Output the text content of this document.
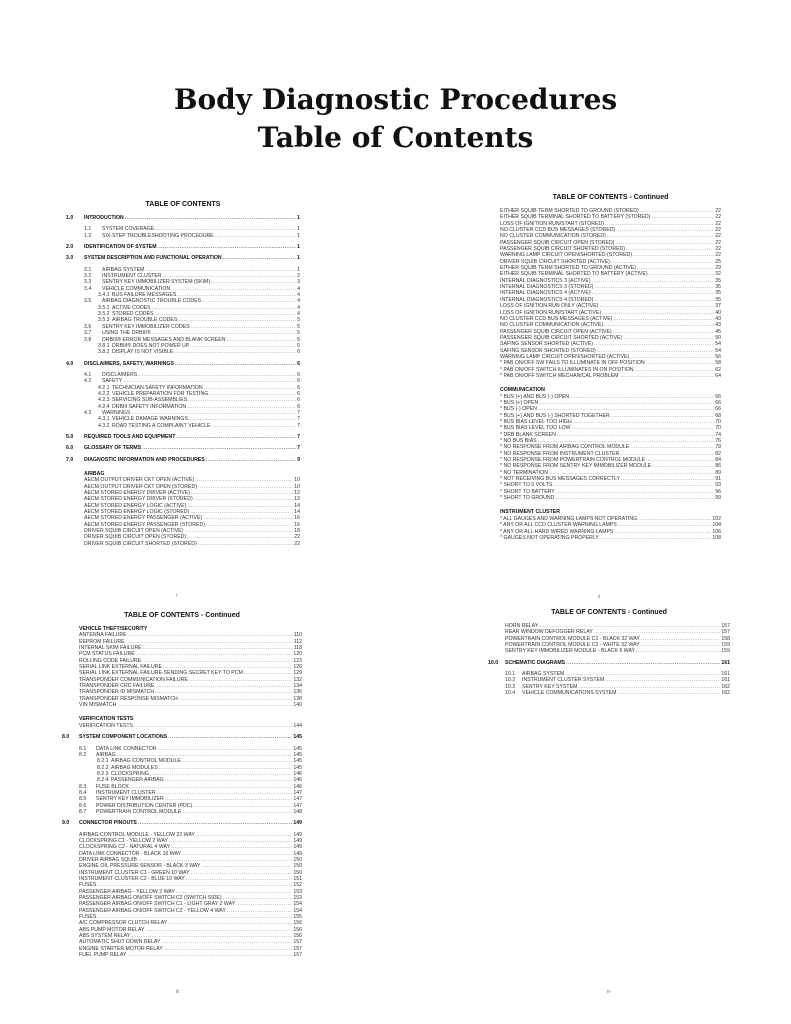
Body Diagnostic Procedures
Table of Contents
TABLE OF CONTENTS
1.0	INTRODUCTION .....	1
1.1	SYSTEM COVERAGE .....	1
1.2	SIX-STEP TROUBLESHOOTING PROCEDURE .....	1
2.0	IDENTIFICATION OF SYSTEM .....	1
3.0	SYSTEM DESCRIPTION AND FUNCTIONAL OPERATION .....	1
3.1	AIRBAG SYSTEM .....	1
3.2	INSTRUMENT CLUSTER .....	2
3.3	SENTRY KEY IMMOBILIZER SYSTEM (SKIM) .....	3
3.4	VEHICLE COMMUNICATION .....	4
3.4.1 BUS FAILURE MESSAGES .....	4
3.5	AIRBAG DIAGNOSTIC TROUBLE CODES .....	4
3.5.1 ACTIVE CODES .....	4
3.5.2 STORED CODES .....	4
3.5.3 AIRBAG TROUBLE CODES .....	5
3.6	SENTRY KEY IMMOBILIZER CODES .....	5
3.7	USING THE DRBIII® .....	5
3.8	DRBIII® ERROR MESSAGES AND BLANK SCREEN .....	5
3.8.1 DRBIII® DOES NOT POWER UP .....	5
3.8.2 DISPLAY IS NOT VISIBLE .....	6
4.0	DISCLAIMERS, SAFETY, WARNINGS .....	6
4.1	DISCLAIMERS .....	6
4.2	SAFETY .....	6
4.2.1 TECHNICIAN SAFETY INFORMATION .....	6
4.2.2 VEHICLE PREPARATION FOR TESTING .....	6
4.2.3 SERVICING SUB-ASSEMBLIES .....	6
4.2.4 DRBIII SAFETY INFORMATION .....	6
4.3	WARNINGS .....	7
4.3.1 VEHICLE DAMAGE WARNINGS .....	7
4.3.2 ROAD TESTING A COMPLAINT VEHICLE .....	7
5.0	REQUIRED TOOLS AND EQUIPMENT .....	7
6.0	GLOSSARY OF TERMS .....	7
7.0	DIAGNOSTIC INFORMATION AND PROCEDURES .....	9
AIRBAG
AECM OUTPUT DRIVER CKT OPEN (ACTIVE) .....	10
AECM OUTPUT DRIVER CKT OPEN (STORED) .....	10
AECM STORED ENERGY DRIVER (ACTIVE) .....	12
AECM STORED ENERGY DRIVER (STORED) .....	12
AECM STORED ENERGY LOGIC (ACTIVE) .....	14
AECM STORED ENERGY LOGIC (STORED) .....	14
AECM STORED ENERGY PASSENGER (ACTIVE) .....	16
AECM STORED ENERGY PASSENGER (STORED) .....	16
DRIVER SQUIB CIRCUIT OPEN (ACTIVE) .....	18
DRIVER SQUIB CIRCUIT OPEN (STORED) .....	22
DRIVER SQUIB CIRCUIT SHORTED (STORED) .....	22
TABLE OF CONTENTS - Continued
EITHER SQUIB TERM SHORTED TO GROUND (STORED) .....	22
EITHER SQUIB TERMINAL SHORTED TO BATTERY (STORED) .....	22
LOSS OF IGNITION RUN/START (STORED) .....	22
NO CLUSTER CCD BUS MESSAGES (STORED) .....	22
NO CLUSTER COMMUNICATION (STORED) .....	22
PASSENGER SQUIB CIRCUIT OPEN (STORED) .....	22
PASSENGER SQUIB CIRCUIT SHORTED (STORED) .....	22
WARNING LAMP CIRCUIT OPEN/SHORTED (STORED) .....	22
DRIVER SQUIB CIRCUIT SHORTED (ACTIVE) .....	25
EITHER SQUIB TERM SHORTED TO GROUND (ACTIVE) .....	29
EITHER SQUIB TERMINAL SHORTED TO BATTERY (ACTIVE) .....	32
INTERNAL DIAGNOSTICS 3 (ACTIVE) .....	35
INTERNAL DIAGNOSTICS 3 (STORED) .....	35
INTERNAL DIAGNOSTICS 4 (ACTIVE) .....	35
INTERNAL DIAGNOSTICS 4 (STORED) .....	35
LOSS OF IGNITION RUN ONLY (ACTIVE) .....	37
LOSS OF IGNITION RUN/START (ACTIVE) .....	40
NO CLUSTER CCD BUS MESSAGES (ACTIVE) .....	43
NO CLUSTER COMMUNICATION (ACTIVE) .....	43
PASSENGER SQUIB CIRCUIT OPEN (ACTIVE) .....	45
PASSENGER SQUIB CIRCUIT SHORTED (ACTIVE) .....	50
SAFING SENSOR SHORTED (ACTIVE) .....	54
SAFING SENSOR SHORTED (STORED) .....	54
WARNING LAMP CIRCUIT OPEN/SHORTED (ACTIVE) .....	56
* PAB ON/OFF SW FAILS TO ILLUMINATE IN OFF POSITION .....	58
* PAB ON/OFF SWITCH ILLUMINATES IN ON POSITION .....	62
* PAB ON/OFF SWITCH MECHANICAL PROBLEM .....	64
COMMUNICATION
* BUS (+) AND BUS (-) OPEN .....	66
* BUS (+) OPEN .....	66
* BUS (-) OPEN .....	66
* BUS (+) AND BUS (-) SHORTED TOGETHER .....	68
* BUS BIAS LEVEL TOO HIGH .....	70
* BUS BIAS LEVEL TOO LOW .....	70
* DRB BLANK SCREEN .....	74
* NO BUS BIAS .....	76
* NO RESPONSE FROM AIRBAG CONTROL MODULE .....	79
* NO RESPONSE FROM INSTRUMENT CLUSTER .....	82
* NO RESPONSE FROM POWERTRAIN CONTROL MODULE .....	84
* NO RESPONSE FROM SENTRY KEY IMMOBILIZER MODULE .....	86
* NO TERMINATION .....	89
* NOT RECEIVING BUS MESSAGES CORRECTLY .....	91
* SHORT TO 5 VOLTS .....	93
* SHORT TO BATTERY .....	96
* SHORT TO GROUND .....	99
INSTRUMENT CLUSTER
* ALL GAUGES AND WARNING LAMPS NOT OPERATING .....	102
* ANY OR ALL CCD CLUSTER WARNING LAMPS .....	104
* ANY OR ALL HARD WIRED WARNING LAMPS .....	106
* GAUGES NOT OPERATING PROPERLY .....	108
TABLE OF CONTENTS - Continued
VEHICLE THEFT/SECURITY
ANTENNA FAILURE .....	110
EEPROM FAILURE .....	112
INTERNAL SKIM FAILURE .....	118
PCM STATUS FAILURE .....	120
ROLLING CODE FAILURE .....	123
SERIAL LINK EXTERNAL FAILURE .....	126
SERIAL LINK EXTERNAL FAILURE-SENDING SECRET KEY TO PCM .....	129
TRANSPONDER COMMUNICATION FAILURE .....	132
TRANSPONDER CRC FAILURE .....	134
TRANSPONDER ID MISMATCH .....	136
TRANSPONDER RESPONSE MISMATCH .....	138
VIN MISMATCH .....	140
VERIFICATION TESTS
VERIFICATION TESTS .....	144
8.0	SYSTEM COMPONENT LOCATIONS .....	145
8.1	DATA LINK CONNECTOR .....	145
8.2	AIRBAG .....	145
8.2.1 AIRBAG CONTROL MODULE .....	145
8.2.2 AIRBAG MODULES .....	145
8.2.3 CLOCKSPRING .....	146
8.2.4 PASSENGER AIRBAG .....	146
8.3	FUSE BLOCK .....	146
8.4	INSTRUMENT CLUSTER .....	147
8.5	SENTRY KEY IMMOBILIZER .....	147
8.6	POWER DISTRIBUTION CENTER (PDC) .....	147
8.7	POWERTRAIN CONTROL MODULE .....	148
9.0	CONNECTOR PINOUTS .....	149
AIRBAG CONTROL MODULE - YELLOW 22 WAY .....	149
CLOCKSPRING C1 - YELLOW 2 WAY .....	149
CLOCKSPRING C2 - NATURAL 4 WAY .....	149
DATA LINK CONNECTOR - BLACK 16 WAY .....	149
DRIVER AIRBAG SQUIB .....	150
ENGINE OIL PRESSURE SENSOR - BLACK 3 WAY .....	150
INSTRUMENT CLUSTER C1 - GREEN 10 WAY .....	150
INSTRUMENT CLUSTER C2 - BLUE 10 WAY .....	151
FUSES .....	152
PASSENGER AIRBAG - YELLOW 2 WAY .....	153
PASSENGER AIRBAG ON/OFF SWITCH C2 (SWITCH SIDE) .....	153
PASSENGER AIRBAG ON/OFF SWITCH C1 - LIGHT GRAY 2 WAY .....	154
PASSENGER AIRBAG ON/OFF SWITCH C2 - YELLOW 4 WAY .....	154
FUSES .....	155
A/C COMPRESSOR CLUTCH RELAY .....	156
ABS PUMP MOTOR RELAY .....	156
ABS SYSTEM RELAY .....	156
AUTOMATIC SHUT DOWN RELAY .....	157
ENGINE STARTER MOTOR RELAY .....	157
FUEL PUMP RELAY .....	157
TABLE OF CONTENTS - Continued
HORN RELAY .....	157
REAR WINDOW DEFOGGER RELAY .....	157
POWERTRAIN CONTROL MODULE C1 - BLACK 32 WAY .....	158
POWERTRAIN CONTROL MODULE C2 - WHITE 32 WAY .....	159
SENTRY KEY IMMOBILIZER MODULE - BLACK 6 WAY .....	159
10.0	SCHEMATIC DIAGRAMS .....	161
10.1	AIRBAG SYSTEM .....	161
10.2	INSTRUMENT CLUSTER SYSTEM .....	161
10.3	SENTRY KEY SYSTEM .....	162
10.4	VEHICLE COMMUNICATIONS SYSTEM .....	162
i	ii
iii	iv
